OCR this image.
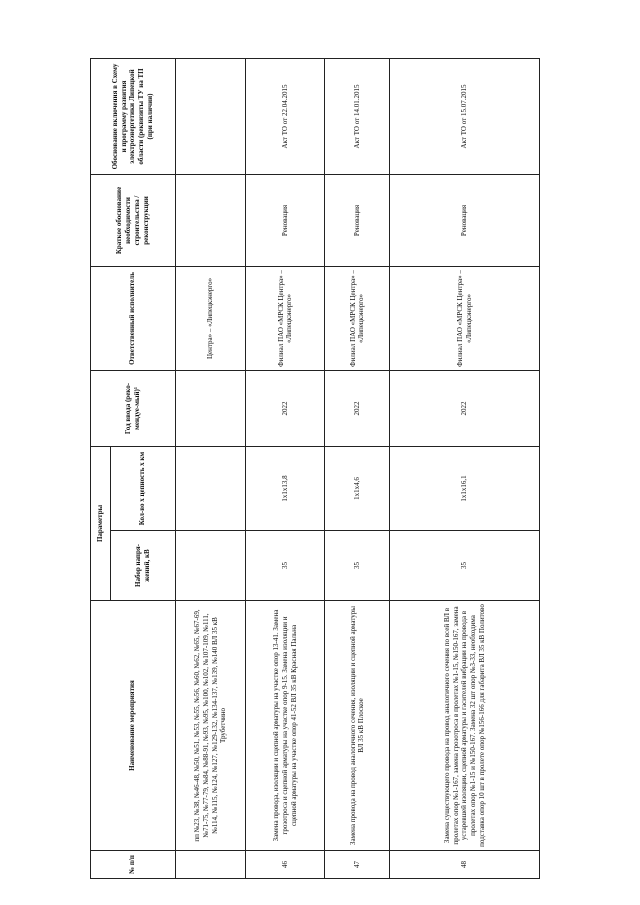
№ п/п	Наименование мероприятия	Параметры		Год ввода (реко-мендуе-мый)¹	Ответственный исполнитель	Краткое обоснование необходимости строительства / реконструкции	Обоснование включения в Схему и программу развития электроэнергетики Липецкой области (реквизиты ТУ на ТП (при наличии)
		Набор напря-жений, кВ	Кол-во х цепность х км				
	пп №23, №38, №46-48, №50, №51, №53, №55, №56, №60, №62, №65, №67-69, №71-75, №77-79, №84, №88-91, №93, №95, №100, №102, №107-109, №111, №114, №115, №124, №127, №129-132, №134-137, №139, №140 ВЛ 35 кВ Трубетчино				Центра» – «Липецкэнерго»		
46	Замена провода, изоляции и сцепной арматуры на участке опор 13-41. Замена грозотроса и сцепной арматуры на участке опор 9-15. Замена изоляции и сцепной арматуры на участке опор 41-52 ВЛ 35 кВ Красная Пальна	35	1х1х13,8	2022	Филиал ПАО «МРСК Центра» – «Липецкэнерго»	Реновация	Акт ТО от 22.04.2015
47	Замена провода на провод аналогичного сечения, изоляции и сцепной арматуры ВЛ 35 кВ Плоское	35	1х1х4,6	2022	Филиал ПАО «МРСК Центра» – «Липецкэнерго»	Реновация	Акт ТО от 14.01.2015
48	Замена существующего провода на провод аналогичного сечения по всей ВЛ в пролетах опор №1-167, замена грозотроса в пролетах №1-15, №150-167, замена устаревшей изоляции, сцепной арматуры и гасителей вибрации на провода в пролетах опор №1-15 и №150-167. Замена 32 шт опор №3-33, необходима подставка опор 10 шт в пролете опор №156-166 для габарита ВЛ 35 кВ Политово	35	1х1х16,1	2022	Филиал ПАО «МРСК Центра» – «Липецкэнерго»	Реновация	Акт ТО от 15.07.2015
